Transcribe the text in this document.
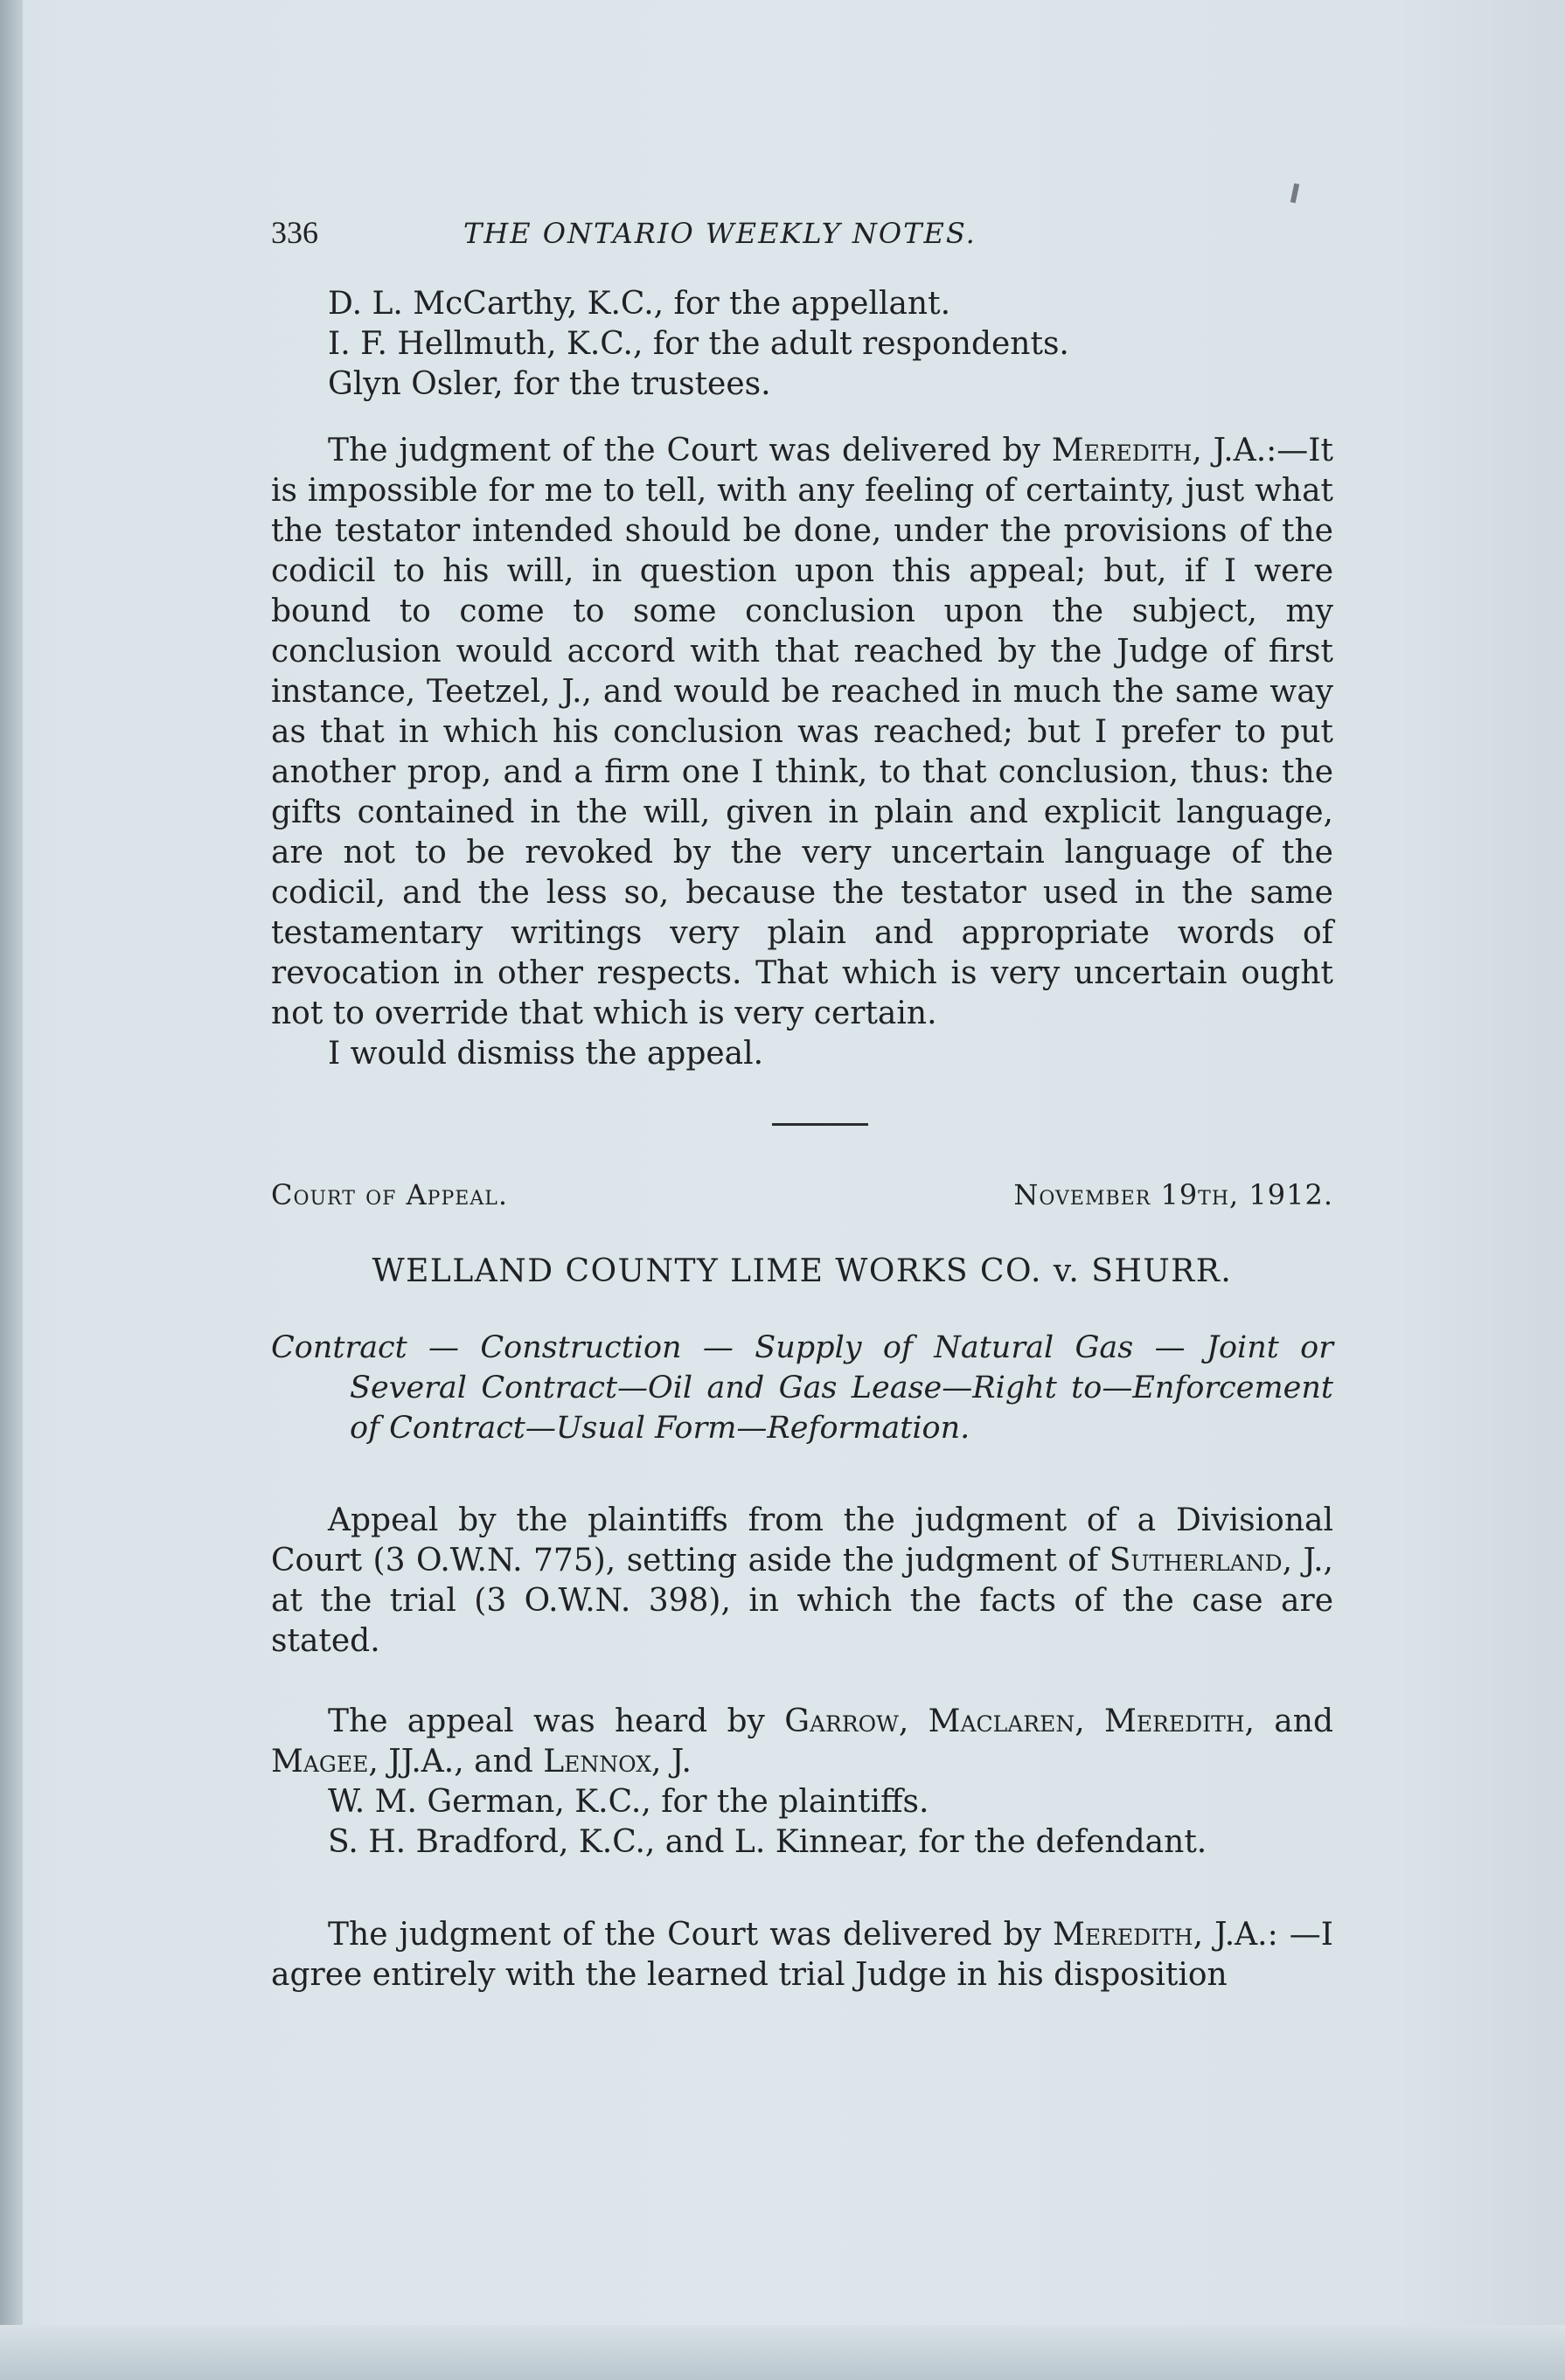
336	THE ONTARIO WEEKLY NOTES.

D. L. McCarthy, K.C., for the appellant.

I. F. Hellmuth, K.C., for the adult respondents.

Glyn Osler, for the trustees.

The judgment of the Court was delivered by Meredith, J.A.:—It is impossible for me to tell, with any feeling of certainty, just what the testator intended should be done, under the provisions of the codicil to his will, in question upon this appeal; but, if I were bound to come to some conclusion upon the subject, my conclusion would accord with that reached by the Judge of first instance, Teetzel, J., and would be reached in much the same way as that in which his conclusion was reached; but I prefer to put another prop, and a firm one I think, to that conclusion, thus: the gifts contained in the will, given in plain and explicit language, are not to be revoked by the very uncertain language of the codicil, and the less so, because the testator used in the same testamentary writings very plain and appropriate words of revocation in other respects. That which is very uncertain ought not to override that which is very certain.

I would dismiss the appeal.

Court of Appeal.	November 19th, 1912.
WELLAND COUNTY LIME WORKS CO. v. SHURR.

Contract — Construction — Supply of Natural Gas — Joint or Several Contract—Oil and Gas Lease—Right to—Enforcement of Contract—Usual Form—Reformation.

Appeal by the plaintiffs from the judgment of a Divisional Court (3 O.W.N. 775), setting aside the judgment of Sutherland, J., at the trial (3 O.W.N. 398), in which the facts of the case are stated.

The appeal was heard by Garrow, Maclaren, Meredith, and Magee, JJ.A., and Lennox, J.

W. M. German, K.C., for the plaintiffs.

S. H. Bradford, K.C., and L. Kinnear, for the defendant.

The judgment of the Court was delivered by Meredith, J.A.: —I agree entirely with the learned trial Judge in his disposition
